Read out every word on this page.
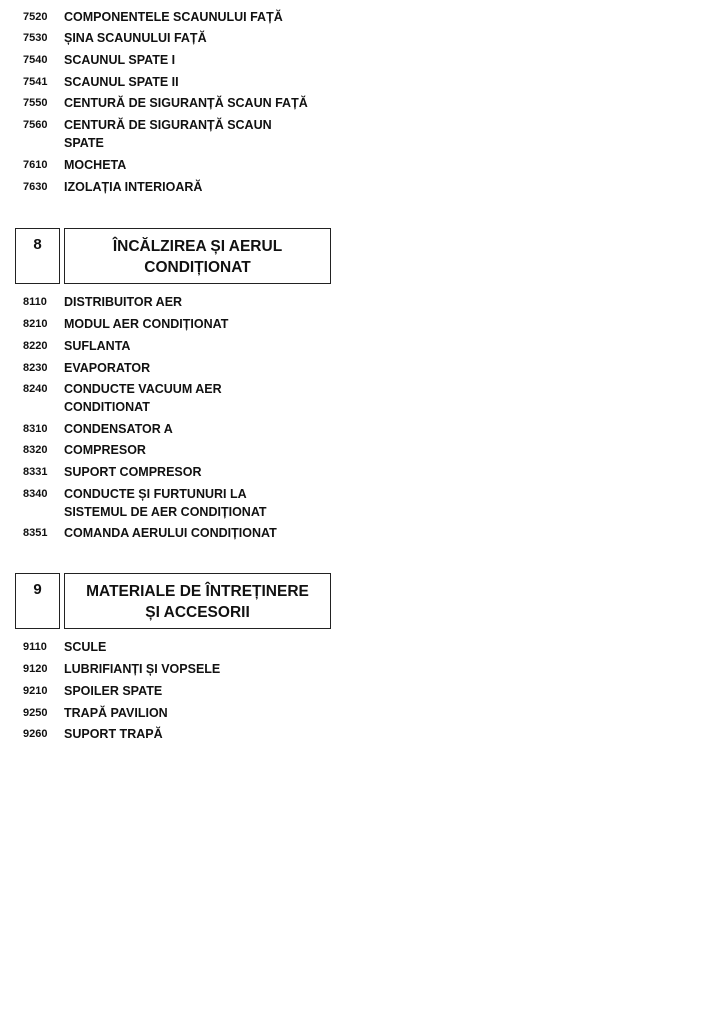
7520	COMPONENTELE SCAUNULUI FAȚĂ
7530	ȘINA SCAUNULUI FAȚĂ
7540	SCAUNUL SPATE I
7541	SCAUNUL SPATE II
7550	CENTURĂ DE SIGURANȚĂ SCAUN FAȚĂ
7560	CENTURĂ DE SIGURANȚĂ SCAUN
SPATE
7610	MOCHETA
7630	IZOLAȚIA INTERIOARĂ
8	ÎNCĂLZIREA ȘI AERUL
CONDIȚIONAT
8110	DISTRIBUITOR AER
8210	MODUL AER CONDIȚIONAT
8220	SUFLANTA
8230	EVAPORATOR
8240	CONDUCTE VACUUM AER
CONDITIONAT
8310	CONDENSATOR A
8320	COMPRESOR
8331	SUPORT COMPRESOR
8340	CONDUCTE ȘI FURTUNURI LA
SISTEMUL DE AER CONDIȚIONAT
8351	COMANDA AERULUI CONDIȚIONAT
9	MATERIALE DE ÎNTREȚINERE
ȘI ACCESORII
9110	SCULE
9120	LUBRIFIANȚI ȘI VOPSELE
9210	SPOILER SPATE
9250	TRAPĂ PAVILION
9260	SUPORT TRAPĂ
